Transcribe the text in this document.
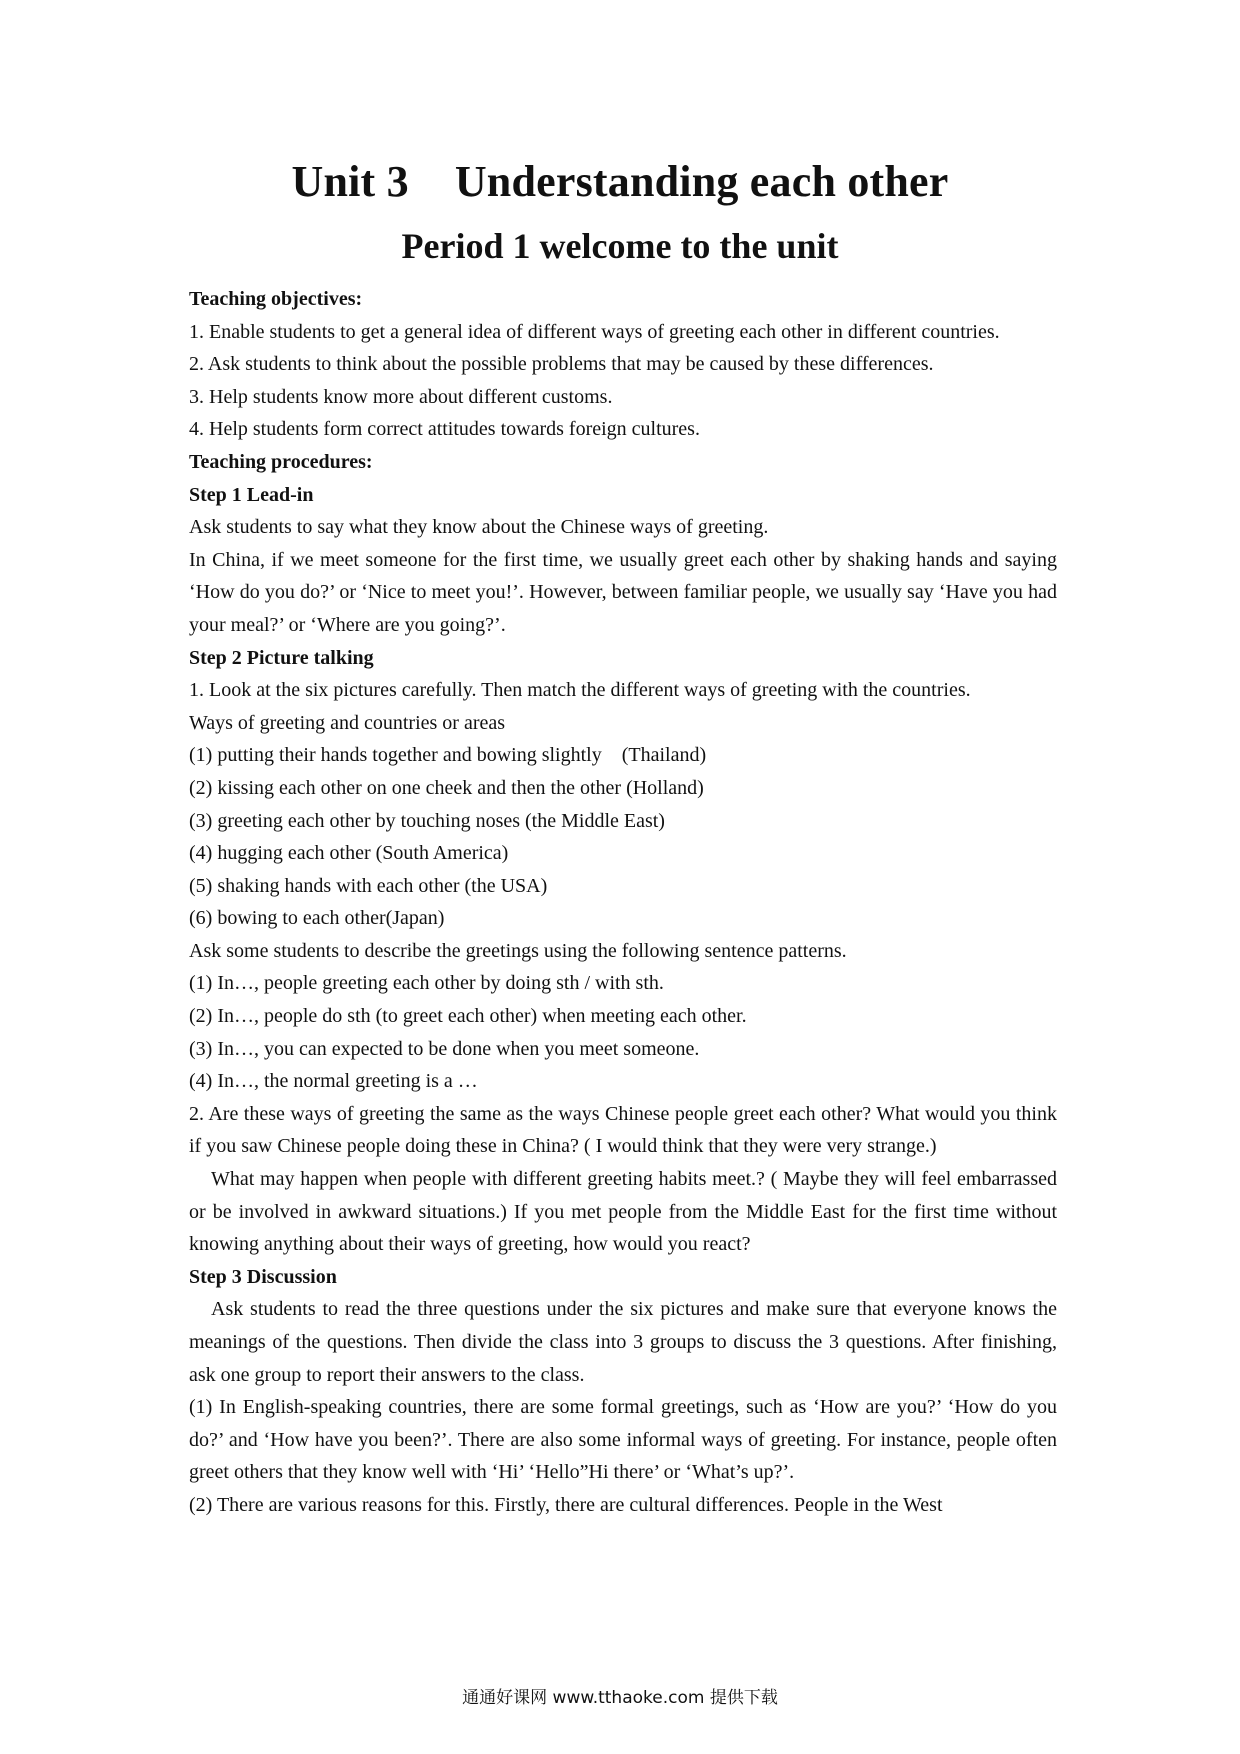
Unit 3 Understanding each other
Period 1 welcome to the unit

Teaching objectives:

1. Enable students to get a general idea of different ways of greeting each other in different countries.

2. Ask students to think about the possible problems that may be caused by these differences.

3. Help students know more about different customs.

4. Help students form correct attitudes towards foreign cultures.

Teaching procedures:

Step 1 Lead-in

Ask students to say what they know about the Chinese ways of greeting.

In China, if we meet someone for the first time, we usually greet each other by shaking hands and saying ‘How do you do?’ or ‘Nice to meet you!’. However, between familiar people, we usually say ‘Have you had your meal?’ or ‘Where are you going?’.

Step 2 Picture talking

1. Look at the six pictures carefully. Then match the different ways of greeting with the countries.

Ways of greeting and countries or areas

(1) putting their hands together and bowing slightly    (Thailand)

(2) kissing each other on one cheek and then the other (Holland)

(3) greeting each other by touching noses (the Middle East)

(4) hugging each other (South America)

(5) shaking hands with each other (the USA)

(6) bowing to each other(Japan)

Ask some students to describe the greetings using the following sentence patterns.

(1) In…, people greeting each other by doing sth / with sth.

(2) In…, people do sth (to greet each other) when meeting each other.

(3) In…, you can expected to be done when you meet someone.

(4) In…, the normal greeting is a …

2. Are these ways of greeting the same as the ways Chinese people greet each other? What would you think if you saw Chinese people doing these in China? ( I would think that they were very strange.)

What may happen when people with different greeting habits meet.? ( Maybe they will feel embarrassed or be involved in awkward situations.) If you met people from the Middle East for the first time without knowing anything about their ways of greeting, how would you react?

Step 3 Discussion

Ask students to read the three questions under the six pictures and make sure that everyone knows the meanings of the questions. Then divide the class into 3 groups to discuss the 3 questions. After finishing, ask one group to report their answers to the class.

(1) In English-speaking countries, there are some formal greetings, such as ‘How are you?’ ‘How do you do?’ and ‘How have you been?’. There are also some informal ways of greeting. For instance, people often greet others that they know well with ‘Hi’ ‘Hello”Hi there’ or ‘What’s up?’.

(2) There are various reasons for this. Firstly, there are cultural differences. People in the West

通通好课网 www.tthaoke.com 提供下载
